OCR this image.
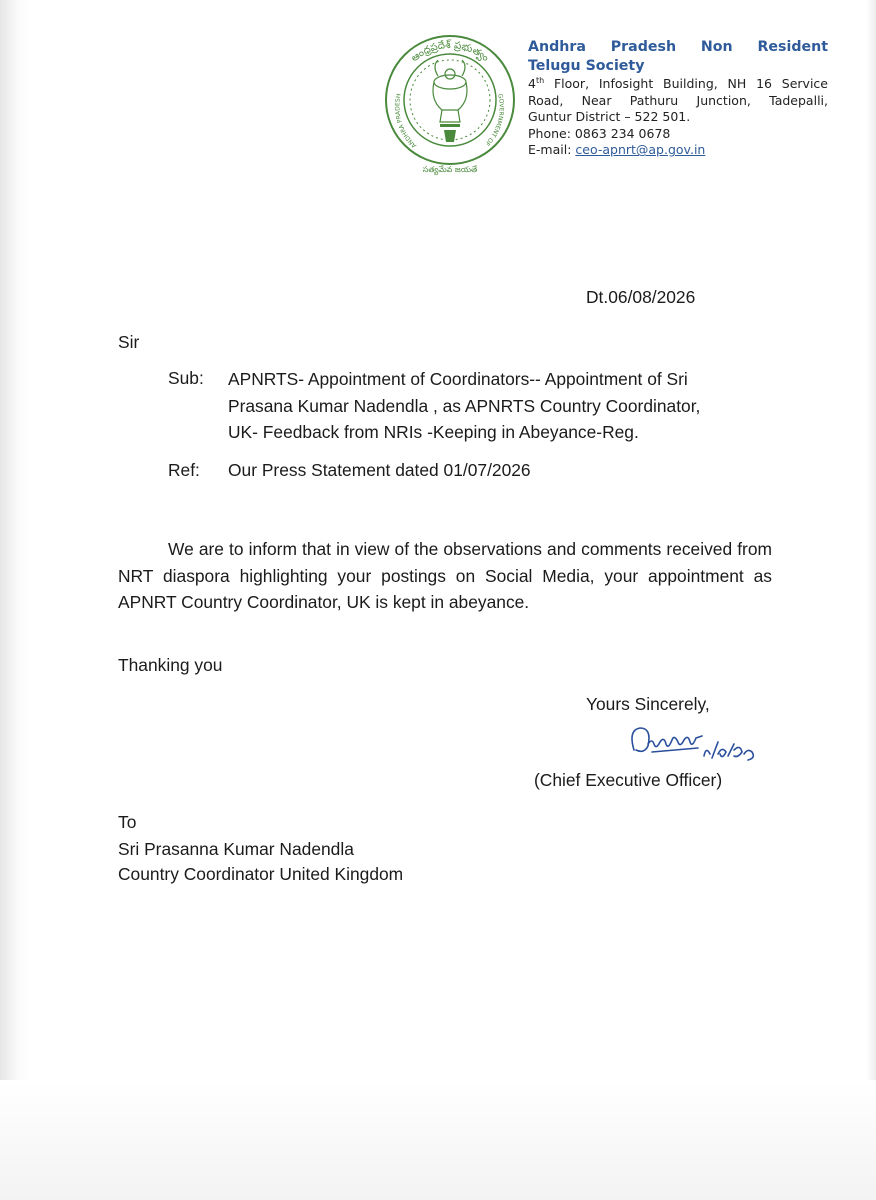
ఆంధ్రప్రదేశ్ ప్రభుత్వం
ANDHRA PRADESH	GOVERNMENT OF
సత్యమేవ జయతే
Andhra Pradesh Non Resident
Telugu Society
4th Floor, Infosight Building, NH 16 Service
Road, Near Pathuru Junction, Tadepalli,
Guntur District – 522 501.
Phone: 0863 234 0678
E-mail: ceo-apnrt@ap.gov.in
Dt.06/08/2026
Sir
Sub: APNRTS- Appointment of Coordinators-- Appointment of Sri
Prasana Kumar Nadendla , as APNRTS Country Coordinator,
UK- Feedback from NRIs -Keeping in Abeyance-Reg.
Ref: Our Press Statement dated 01/07/2026
We are to inform that in view of the observations and comments received from NRT diaspora highlighting your postings on Social Media, your appointment as APNRT Country Coordinator, UK is kept in abeyance.
Thanking you
Yours Sincerely,
(Chief Executive Officer)
To
Sri Prasanna Kumar Nadendla
Country Coordinator United Kingdom
